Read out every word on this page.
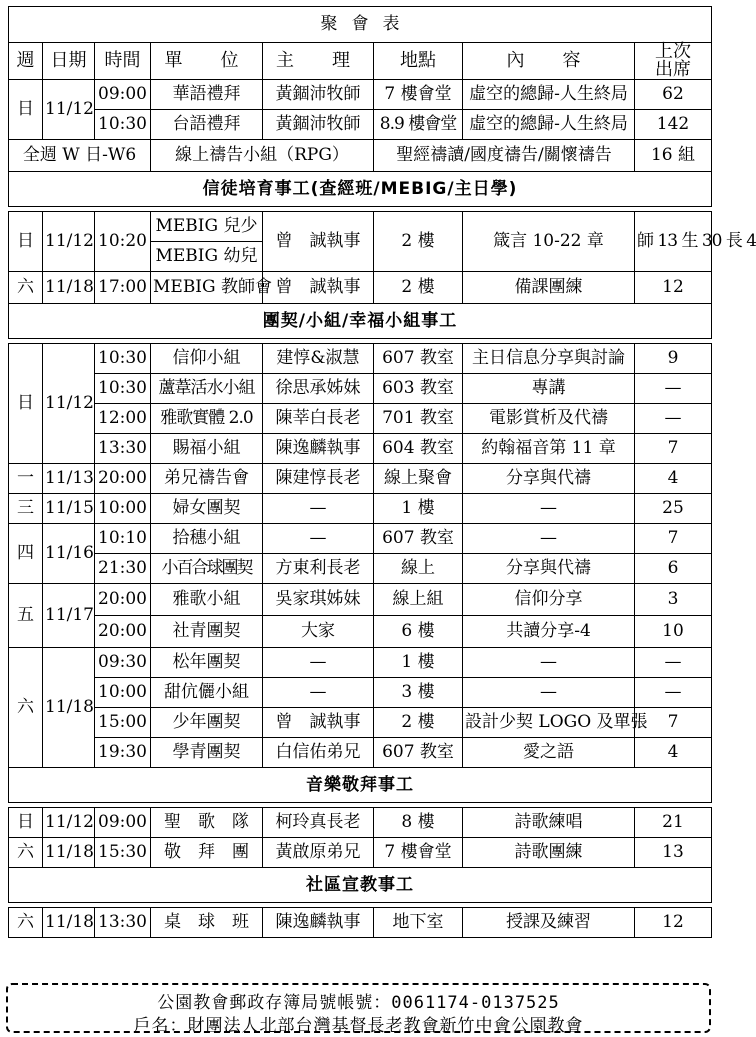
聚會表							
週	日期	時間	單　位	主　理	地點	內　容	上次
出席
日	11/12	09:00	華語禮拜	黃錮沛牧師	7 樓會堂	虛空的總歸-人生終局	62
		10:30	台語禮拜	黃錮沛牧師	8.9 樓會堂	虛空的總歸-人生終局	142
全週 W 日-W6			線上禱告小組（RPG）		聖經禱讀/國度禱告/關懷禱告		16 組
信徒培育事工(查經班/MEBIG/主日學)							

日	11/12	10:20	MEBIG 兒少	曾　誠執事	2 樓	箴言 10-22 章	師 13 生 30 長 4
			MEBIG 幼兒				
六	11/18	17:00	MEBIG 教師會	曾　誠執事	2 樓	備課團練	12
團契/小組/幸福小組事工							

日	11/12	10:30	信仰小組	建惇&淑慧	607 教室	主日信息分享與討論	9
		10:30	蘆葦活水小組	徐思承姊妹	603 教室	專講	—
		12:00	雅歌實體 2.0	陳莘白長老	701 教室	電影賞析及代禱	—
		13:30	賜福小組	陳逸麟執事	604 教室	約翰福音第 11 章	7
一	11/13	20:00	弟兄禱告會	陳建惇長老	線上聚會	分享與代禱	4
三	11/15	10:00	婦女團契	—	1 樓	—	25
四	11/16	10:10	拾穗小組	—	607 教室	—	7
		21:30	小百合球團契	方東利長老	線上	分享與代禱	6
五	11/17	20:00	雅歌小組	吳家琪姊妹	線上組	信仰分享	3
		20:00	社青團契	大家	6 樓	共讀分享-4	10
六	11/18	09:30	松年團契	—	1 樓	—	—
		10:00	甜伉儷小組	—	3 樓	—	—
		15:00	少年團契	曾　誠執事	2 樓	設計少契 LOGO 及單張	7
		19:30	學青團契	白信佑弟兄	607 教室	愛之語	4
音樂敬拜事工							

日	11/12	09:00	聖　歌　隊	柯玲真長老	8 樓	詩歌練唱	21
六	11/18	15:30	敬　拜　團	黃啟原弟兄	7 樓會堂	詩歌團練	13
社區宣教事工							

六	11/18	13:30	桌　球　班	陳逸麟執事	地下室	授課及練習	12
公園教會郵政存簿局號帳號：0061174-0137525
戶名：財團法人北部台灣基督長老教會新竹中會公園教會
